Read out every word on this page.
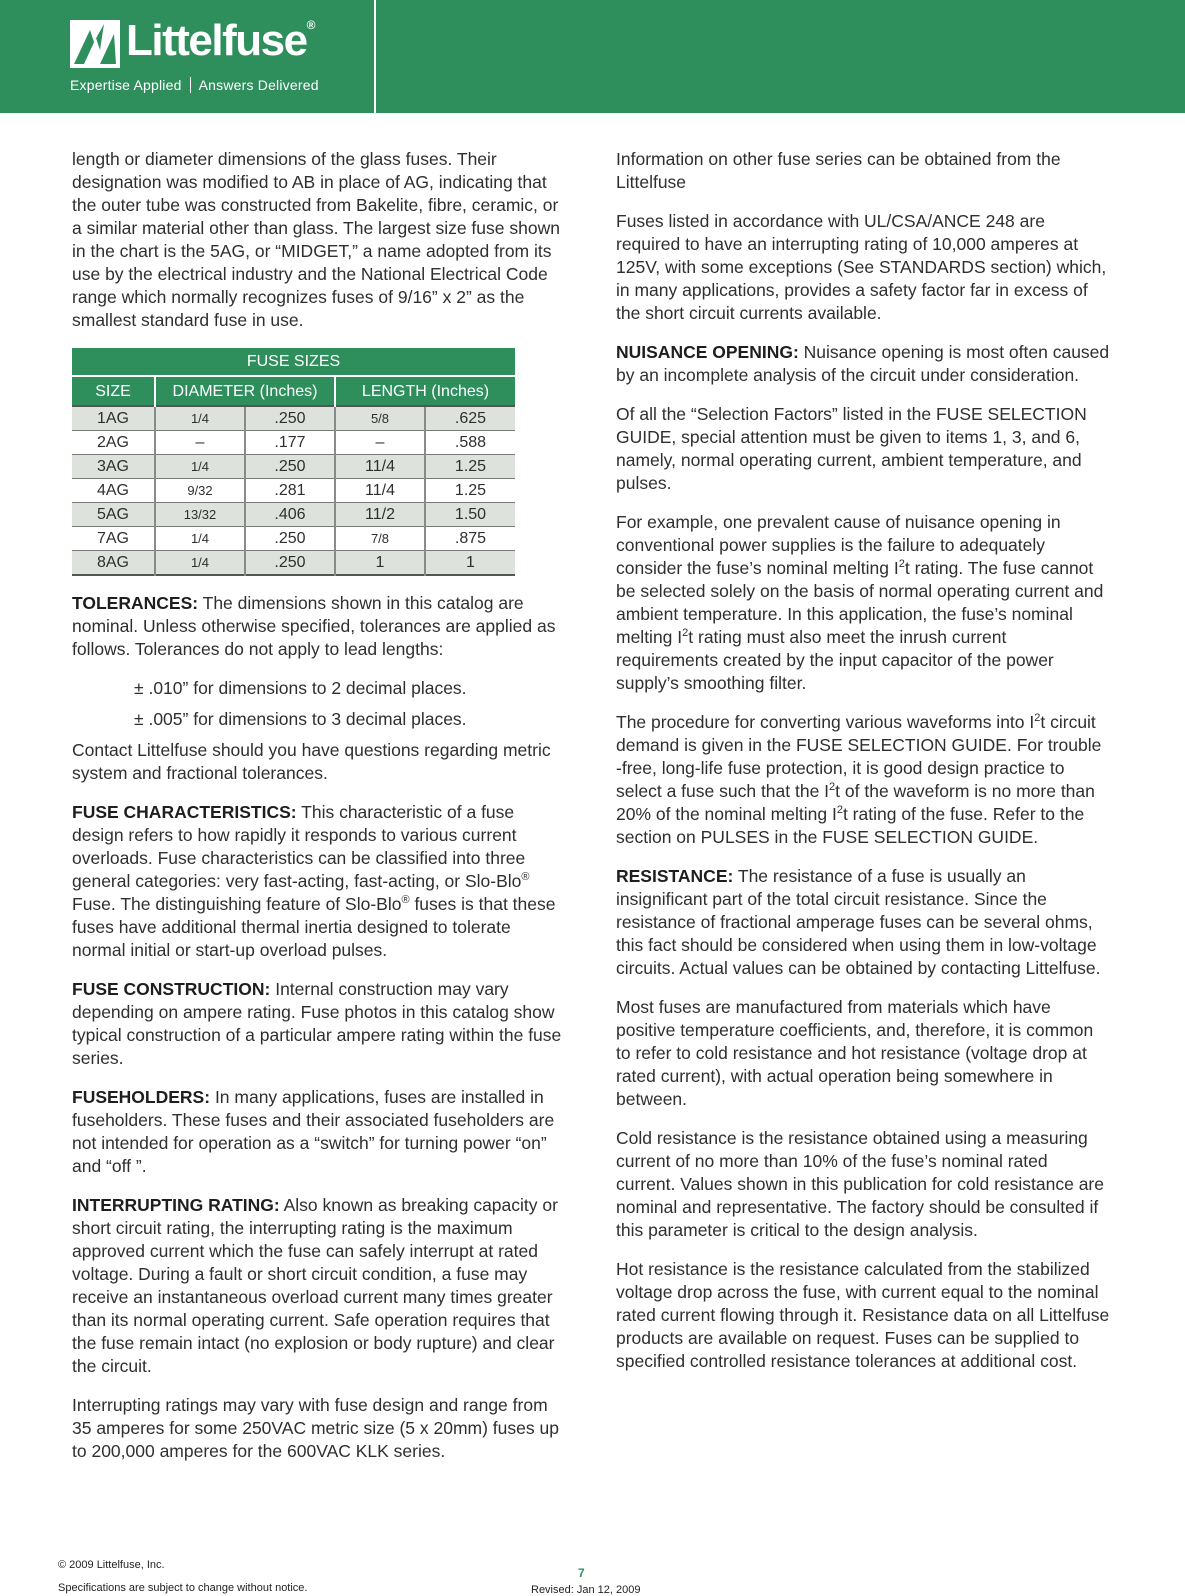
Littelfuse®
Expertise Applied Answers Delivered

length or diameter dimensions of the glass fuses. Their designation was modified to AB in place of AG, indicating that the outer tube was constructed from Bakelite, fibre, ceramic, or a similar material other than glass. The largest size fuse shown in the chart is the 5AG, or “MIDGET,” a name adopted from its use by the electrical industry and the National Electrical Code range which normally recognizes fuses of 9/16” x 2” as the smallest standard fuse in use.

FUSE SIZES				
SIZE	DIAMETER (Inches)		LENGTH (Inches)	
1AG	1/4	.250	5/8	.625
2AG	–	.177	–	.588
3AG	1/4	.250	11/4	1.25
4AG	9/32	.281	11/4	1.25
5AG	13/32	.406	11/2	1.50
7AG	1/4	.250	7/8	.875
8AG	1/4	.250	1	1

TOLERANCES: The dimensions shown in this catalog are nominal. Unless otherwise specified, tolerances are applied as follows. Tolerances do not apply to lead lengths:

± .010” for dimensions to 2 decimal places.

± .005” for dimensions to 3 decimal places.

Contact Littelfuse should you have questions regarding metric system and fractional tolerances.

FUSE CHARACTERISTICS: This characteristic of a fuse design refers to how rapidly it responds to various current overloads. Fuse characteristics can be classified into three general categories: very fast-acting, fast-acting, or Slo-Blo® Fuse. The distinguishing feature of Slo-Blo® fuses is that these fuses have additional thermal inertia designed to tolerate normal initial or start-up overload pulses.

FUSE CONSTRUCTION: Internal construction may vary depending on ampere rating. Fuse photos in this catalog show typical construction of a particular ampere rating within the fuse series.

FUSEHOLDERS: In many applications, fuses are installed in fuseholders. These fuses and their associated fuseholders are not intended for operation as a “switch” for turning power “on” and “off ”.

INTERRUPTING RATING: Also known as breaking capacity or short circuit rating, the interrupting rating is the maximum approved current which the fuse can safely interrupt at rated voltage. During a fault or short circuit condition, a fuse may receive an instantaneous overload current many times greater than its normal operating current. Safe operation requires that the fuse remain intact (no explosion or body rupture) and clear the circuit.

Interrupting ratings may vary with fuse design and range from 35 amperes for some 250VAC metric size (5 x 20mm) fuses up to 200,000 amperes for the 600VAC KLK series.

Information on other fuse series can be obtained from the Littelfuse

Fuses listed in accordance with UL/CSA/ANCE 248 are required to have an interrupting rating of 10,000 amperes at 125V, with some exceptions (See STANDARDS section) which, in many applications, provides a safety factor far in excess of the short circuit currents available.

NUISANCE OPENING: Nuisance opening is most often caused by an incomplete analysis of the circuit under consideration.

Of all the “Selection Factors” listed in the FUSE SELECTION GUIDE, special attention must be given to items 1, 3, and 6, namely, normal operating current, ambient temperature, and pulses.

For example, one prevalent cause of nuisance opening in conventional power supplies is the failure to adequately consider the fuse’s nominal melting $I^2t$ rating. The fuse cannot be selected solely on the basis of normal operating current and ambient temperature. In this application, the fuse’s nominal melting $I^2t$ rating must also meet the inrush current requirements created by the input capacitor of the power supply’s smoothing filter.

The procedure for converting various waveforms into $I^2t$ circuit demand is given in the FUSE SELECTION GUIDE. For trouble -free, long-life fuse protection, it is good design practice to select a fuse such that the $I^2t$ of the waveform is no more than 20% of the nominal melting $I^2t$ rating of the fuse. Refer to the section on PULSES in the FUSE SELECTION GUIDE.

RESISTANCE: The resistance of a fuse is usually an insignificant part of the total circuit resistance. Since the resistance of fractional amperage fuses can be several ohms, this fact should be considered when using them in low-voltage circuits. Actual values can be obtained by contacting Littelfuse.

Most fuses are manufactured from materials which have positive temperature coefficients, and, therefore, it is common to refer to cold resistance and hot resistance (voltage drop at rated current), with actual operation being somewhere in between.

Cold resistance is the resistance obtained using a measuring current of no more than 10% of the fuse’s nominal rated current. Values shown in this publication for cold resistance are nominal and representative. The factory should be consulted if this parameter is critical to the design analysis.

Hot resistance is the resistance calculated from the stabilized voltage drop across the fuse, with current equal to the nominal rated current flowing through it. Resistance data on all Littelfuse products are available on request. Fuses can be supplied to specified controlled resistance tolerances at additional cost.

© 2009 Littelfuse, Inc.
Specifications are subject to change without notice.
7
Revised: Jan 12, 2009
